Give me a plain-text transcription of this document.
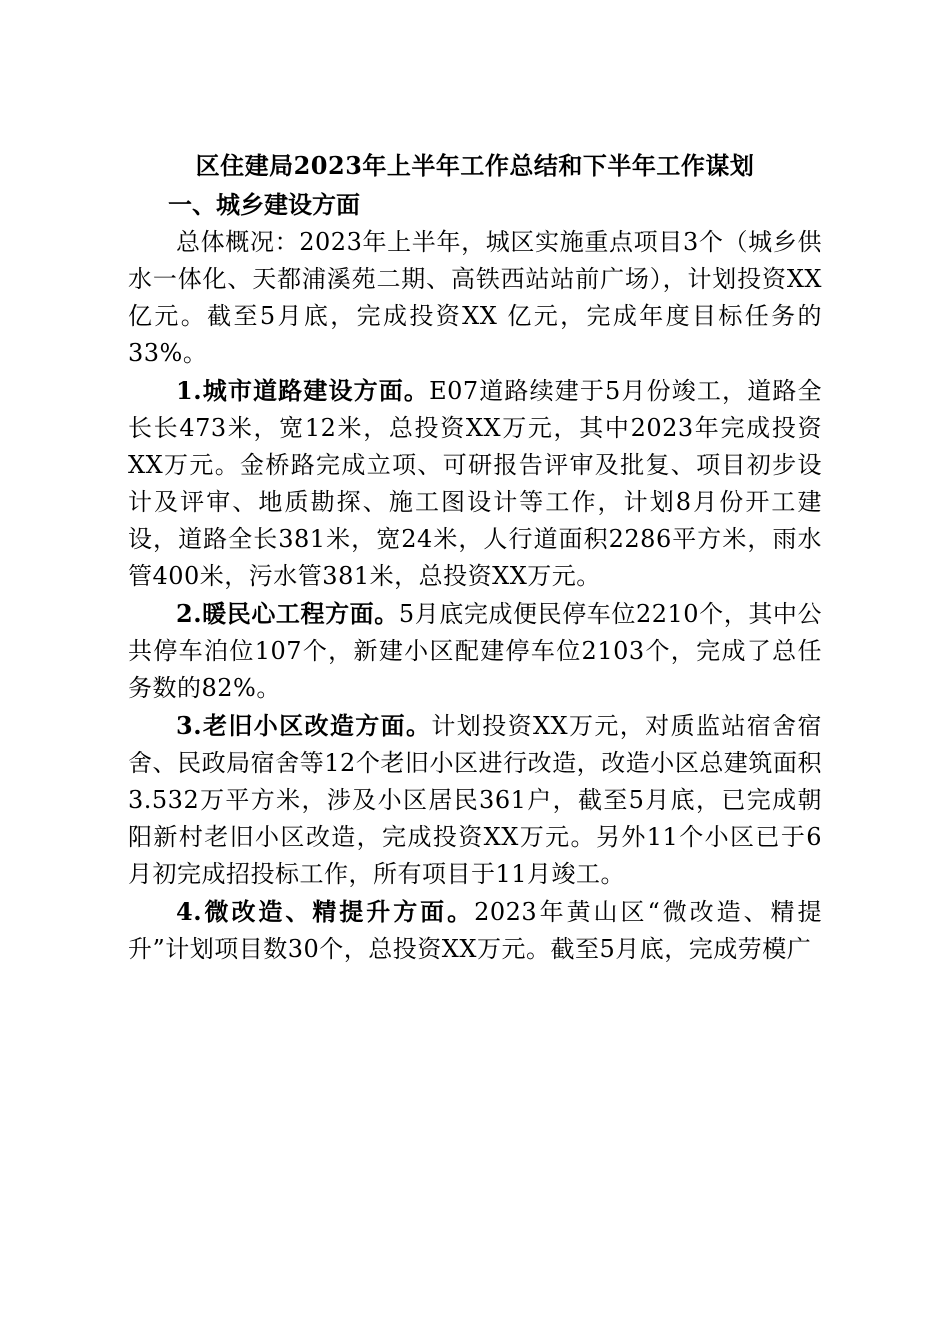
区住建局2023年上半年工作总结和下半年工作谋划
一、城乡建设方面

总体概况：2023年上半年，城区实施重点项目3个（城乡供水一体化、天都浦溪苑二期、高铁西站站前广场），计划投资XX 亿元。截至5月底，完成投资XX 亿元，完成年度目标任务的 33%。

1.城市道路建设方面。E07道路续建于5月份竣工，道路全长长473米，宽12米，总投资XX万元，其中2023年完成投资XX万元。金桥路完成立项、可研报告评审及批复、项目初步设计及评审、地质勘探、施工图设计等工作，计划8月份开工建设，道路全长381米，宽24米，人行道面积2286平方米，雨水管400米，污水管381米，总投资XX万元。

2.暖民心工程方面。5月底完成便民停车位2210个，其中公共停车泊位107个，新建小区配建停车位2103个，完成了总任务数的82%。

3.老旧小区改造方面。计划投资XX万元，对质监站宿舍宿舍、民政局宿舍等12个老旧小区进行改造，改造小区总建筑面积3.532万平方米，涉及小区居民361户，截至5月底，已完成朝阳新村老旧小区改造，完成投资XX万元。另外11个小区已于6月初完成招投标工作，所有项目于11月竣工。

4.微改造、精提升方面。2023年黄山区“微改造、精提升”计划项目数30个，总投资XX万元。截至5月底，完成劳模广
